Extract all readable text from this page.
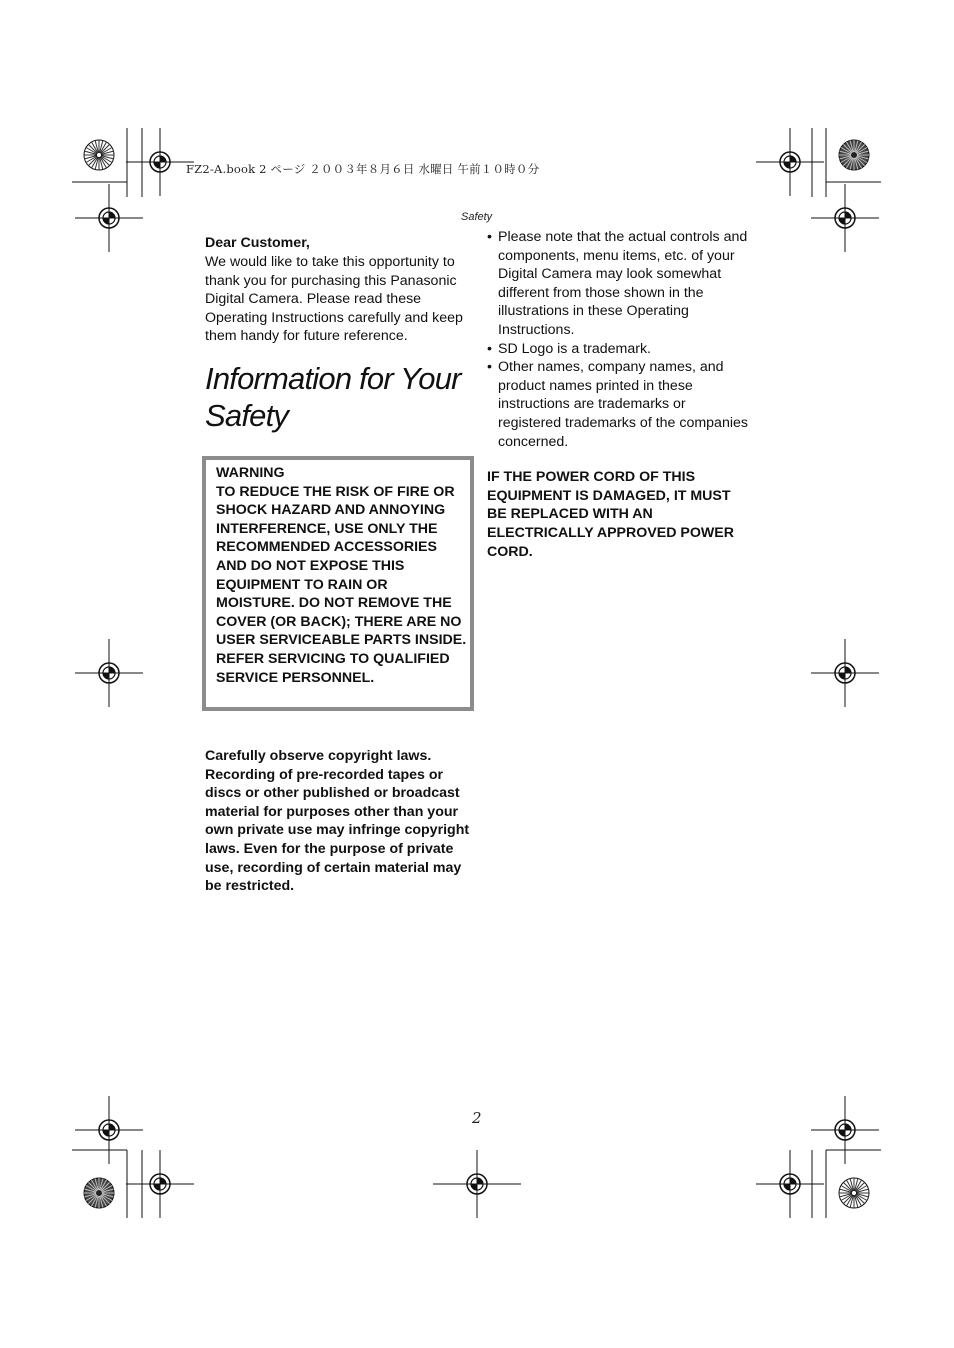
FZ2-A.book 2 ページ ２００３年８月６日 水曜日 午前１０時０分
Safety
Dear Customer,

We would like to take this opportunity to thank you for purchasing this Panasonic Digital Camera. Please read these Operating Instructions carefully and keep them handy for future reference.

Information for Your
Safety
WARNING
TO REDUCE THE RISK OF FIRE OR SHOCK HAZARD AND ANNOYING INTERFERENCE, USE ONLY THE RECOMMENDED ACCESSORIES AND DO NOT EXPOSE THIS EQUIPMENT TO RAIN OR MOISTURE. DO NOT REMOVE THE COVER (OR BACK); THERE ARE NO USER SERVICEABLE PARTS INSIDE. REFER SERVICING TO QUALIFIED SERVICE PERSONNEL.

Carefully observe copyright laws. Recording of pre-recorded tapes or discs or other published or broadcast material for purposes other than your own private use may infringe copyright laws. Even for the purpose of private use, recording of certain material may be restricted.

• Please note that the actual controls and components, menu items, etc. of your Digital Camera may look somewhat different from those shown in the illustrations in these Operating Instructions.
• SD Logo is a trademark.
• Other names, company names, and product names printed in these instructions are trademarks or registered trademarks of the companies concerned.

IF THE POWER CORD OF THIS EQUIPMENT IS DAMAGED, IT MUST BE REPLACED WITH AN ELECTRICALLY APPROVED POWER CORD.

2
